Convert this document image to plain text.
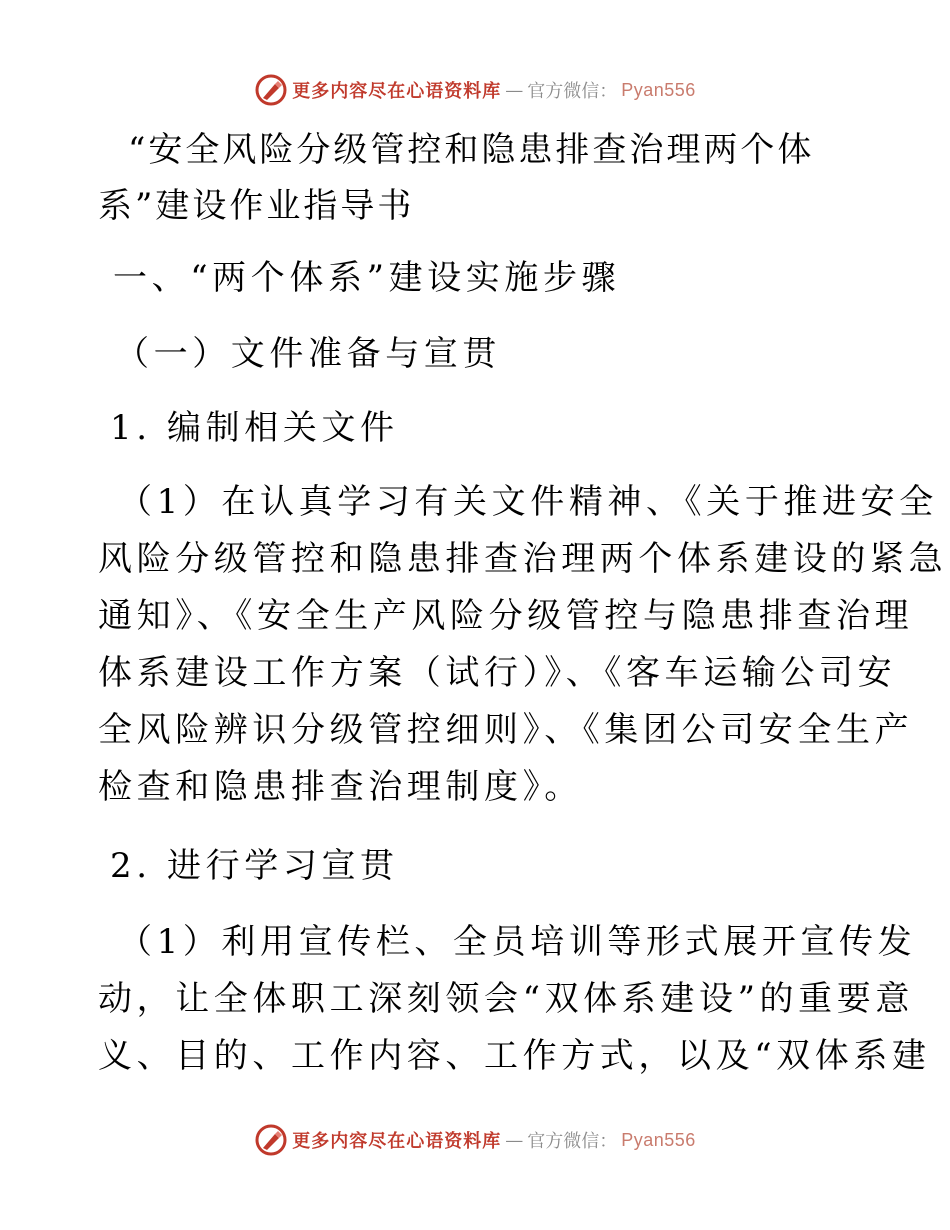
更多内容尽在心语资料库 — 官方微信： Pyan556
“安全风险分级管控和隐患排查治理两个体
系”建设作业指导书
一、“两个体系”建设实施步骤
（一）文件准备与宣贯
1. 编制相关文件
（1）在认真学习有关文件精神、《关于推进安全
风险分级管控和隐患排查治理两个体系建设的紧急
通知》、《安全生产风险分级管控与隐患排查治理
体系建设工作方案（试行）》、《客车运输公司安
全风险辨识分级管控细则》、《集团公司安全生产
检查和隐患排查治理制度》。
2. 进行学习宣贯
（1）利用宣传栏、全员培训等形式展开宣传发
动，让全体职工深刻领会“双体系建设”的重要意
义、目的、工作内容、工作方式，以及“双体系建
更多内容尽在心语资料库 — 官方微信： Pyan556
